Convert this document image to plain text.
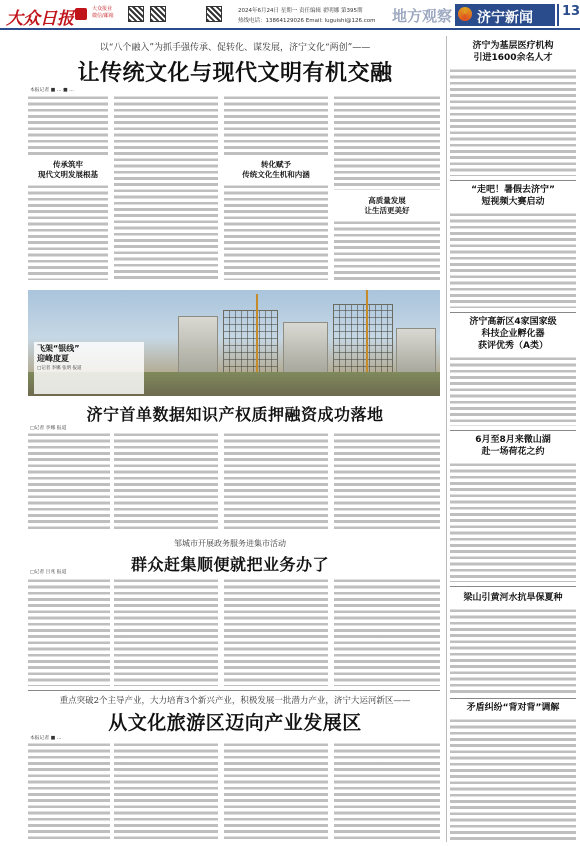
大众日报	大众报业
微信/邮箱
2024年6月24日 星期一 责任编辑 翟明娜 第395期
热线电话：13864129026 Email: luguishi@126.com 地方观察	济宁新闻	13
以“八个融入”为抓手强传承、促转化、谋发展，济宁文化“两创”——
让传统文化与现代文明有机交融
本报记者 ■ … ■ …
传承筑牢
现代文明发展根基
转化赋予
传统文化生机和内涵
高质量发展
让生活更美好
飞架“银线”
迎峰度夏
□记者 李娜 张明 报道
济宁首单数据知识产权质押融资成功落地
□记者 李娜 报道
邹城市开展政务服务进集市活动
群众赶集顺便就把业务办了
□记者 吕兆 报道
重点突破2个主导产业，大力培育3个新兴产业，积极发展一批潜力产业，济宁大运河新区——
从文化旅游区迈向产业发展区
本报记者 ■ …
济宁为基层医疗机构
引进1600余名人才
“走吧！暑假去济宁”
短视频大赛启动
济宁高新区4家国家级
科技企业孵化器
获评优秀（A类）
6月至8月来微山湖
赴一场荷花之约
梁山引黄河水抗旱保夏种
矛盾纠纷“背对背”调解
